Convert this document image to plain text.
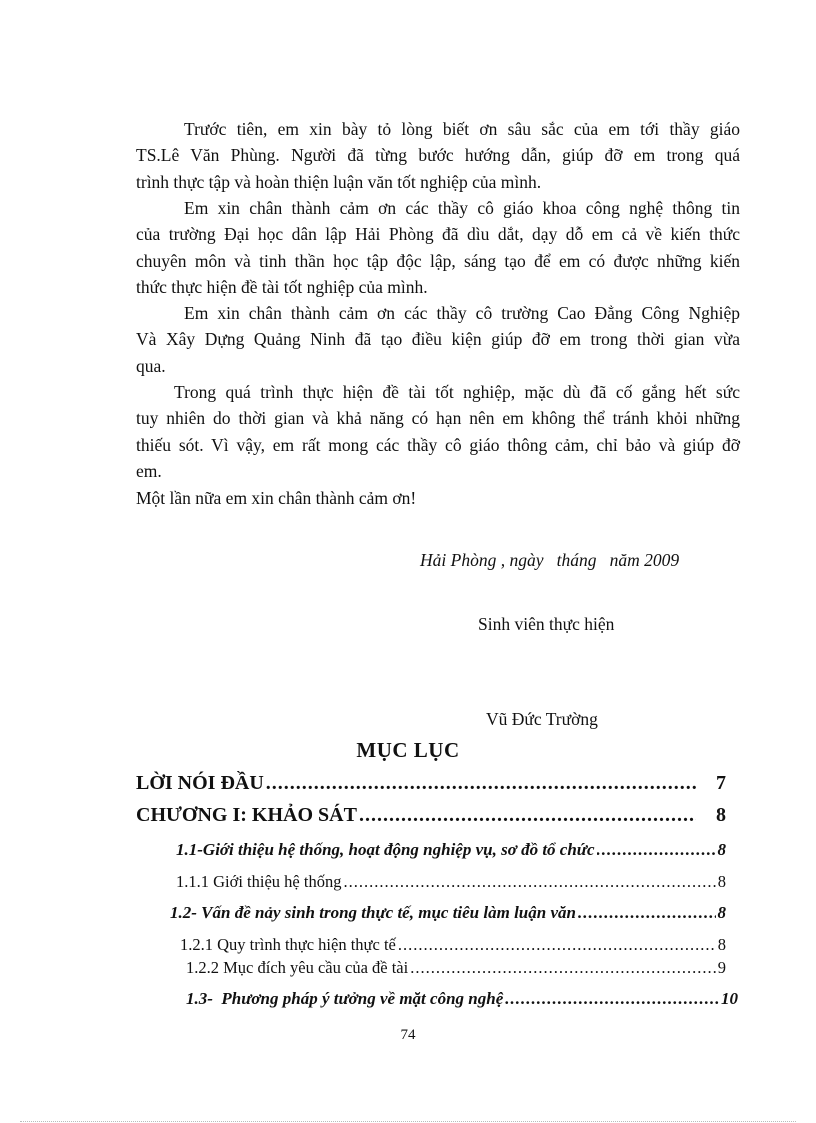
Trước tiên, em xin bày tỏ lòng biết ơn sâu sắc của em tới thầy giáo
TS.Lê Văn Phùng. Người đã từng bước hướng dẫn, giúp đỡ em trong quá
trình thực tập và hoàn thiện luận văn tốt nghiệp của mình.
Em xin chân thành cảm ơn các thầy cô giáo khoa công nghệ thông tin
của trường Đại học dân lập Hải Phòng đã dìu dắt, dạy dỗ em cả về kiến thức
chuyên môn và tinh thần học tập độc lập, sáng tạo để em có được những kiến
thức thực hiện đề tài tốt nghiệp của mình.
Em xin chân thành cảm ơn các thầy cô trường Cao Đẳng Công Nghiệp
Và Xây Dựng Quảng Ninh đã tạo điều kiện giúp đỡ em trong thời gian vừa
qua.
Trong quá trình thực hiện đề tài tốt nghiệp, mặc dù đã cố gắng hết sức
tuy nhiên do thời gian và khả năng có hạn nên em không thể tránh khỏi những
thiếu sót. Vì vậy, em rất mong các thầy cô giáo thông cảm, chỉ bảo và giúp đỡ
em.
Một lần nữa em xin chân thành cảm ơn!
Hải Phòng , ngày   tháng   năm 2009
Sinh viên thực hiện
Vũ Đức Trường
MỤC LỤC
LỜI NÓI ĐẦU .....	7
CHƯƠNG I: KHẢO SÁT .....	8
1.1-Giới thiệu hệ thống, hoạt động nghiệp vụ, sơ đồ tổ chức .....	8
1.1.1 Giới thiệu hệ thống .....	8
1.2- Vấn đề nảy sinh trong thực tế, mục tiêu làm luận văn .....	8
1.2.1 Quy trình thực hiện thực tế .....	8
1.2.2 Mục đích yêu cầu của đề tài .....	9
1.3-  Phương pháp ý tưởng về mặt công nghệ .....	10
74
